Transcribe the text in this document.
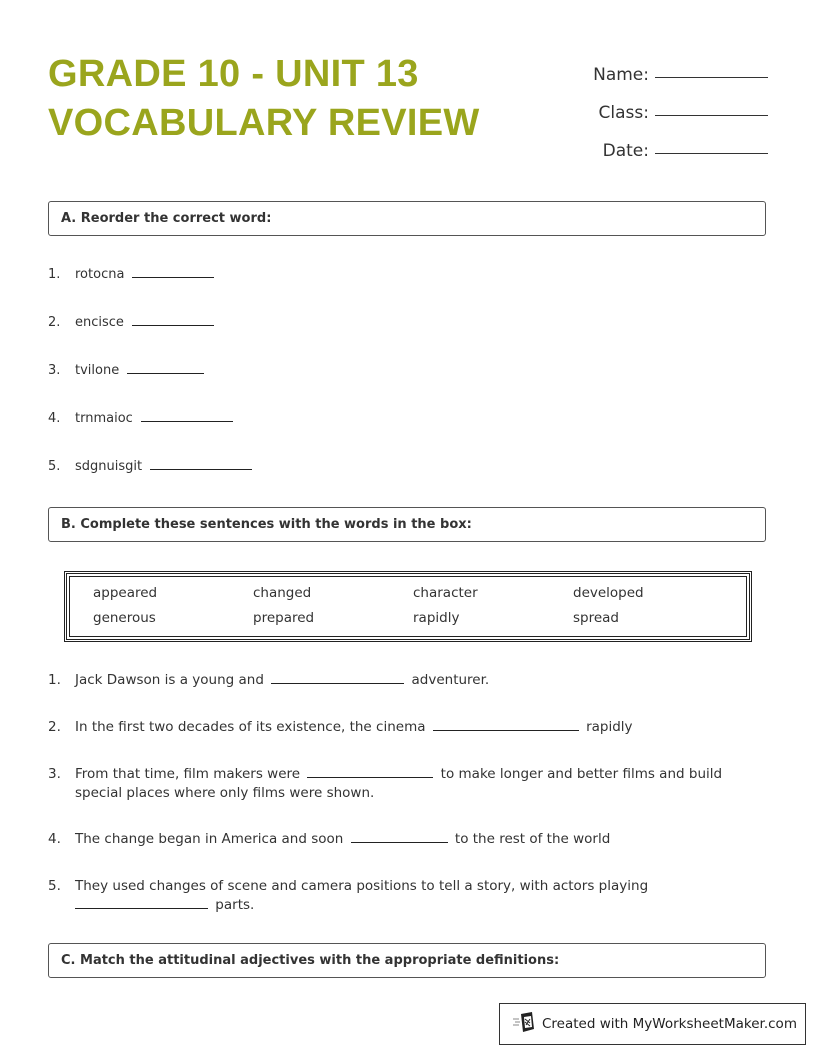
GRADE 10 - UNIT 13
VOCABULARY REVIEW
Name:
Class:
Date:
A. Reorder the correct word:
1.	rotocna
2.	encisce
3.	tvilone
4.	trnmaioc
5.	sdgnuisgit
B. Complete these sentences with the words in the box:
appeared	changed	character	developed
generous	prepared	rapidly	spread
1. Jack Dawson is a young and	adventurer.
2. In the first two decades of its existence, the cinema	rapidly
3. From that time, film makers were	to make longer and better films and build
special places where only films were shown.
4. The change began in America and soon	to the rest of the world
5. They used changes of scene and camera positions to tell a story, with actors playing
parts.
C. Match the attitudinal adjectives with the appropriate definitions:
Created with MyWorksheetMaker.com
